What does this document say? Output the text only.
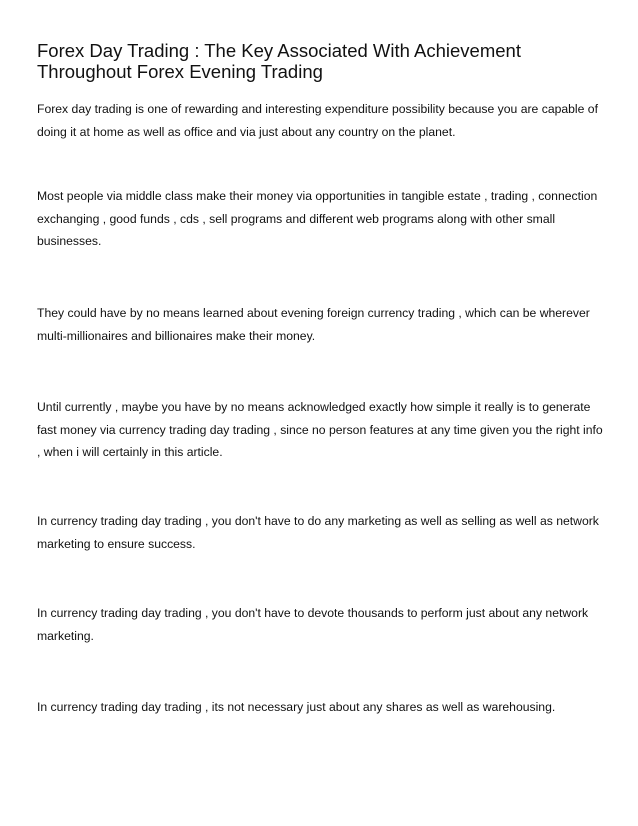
Forex Day Trading : The Key Associated With Achievement Throughout Forex Evening Trading

Forex day trading is one of rewarding and interesting expenditure possibility because you are capable of doing it at home as well as office and via just about any country on the planet.

Most people via middle class make their money via opportunities in tangible estate , trading , connection exchanging , good funds , cds , sell programs and different web programs along with other small businesses.

They could have by no means learned about evening foreign currency trading , which can be wherever multi-millionaires and billionaires make their money.

Until currently , maybe you have by no means acknowledged exactly how simple it really is to generate fast money via currency trading day trading , since no person features at any time given you the right info , when i will certainly in this article.

In currency trading day trading , you don't have to do any marketing as well as selling as well as network marketing to ensure success.

In currency trading day trading , you don't have to devote thousands to perform just about any network marketing.

In currency trading day trading , its not necessary just about any shares as well as warehousing.
